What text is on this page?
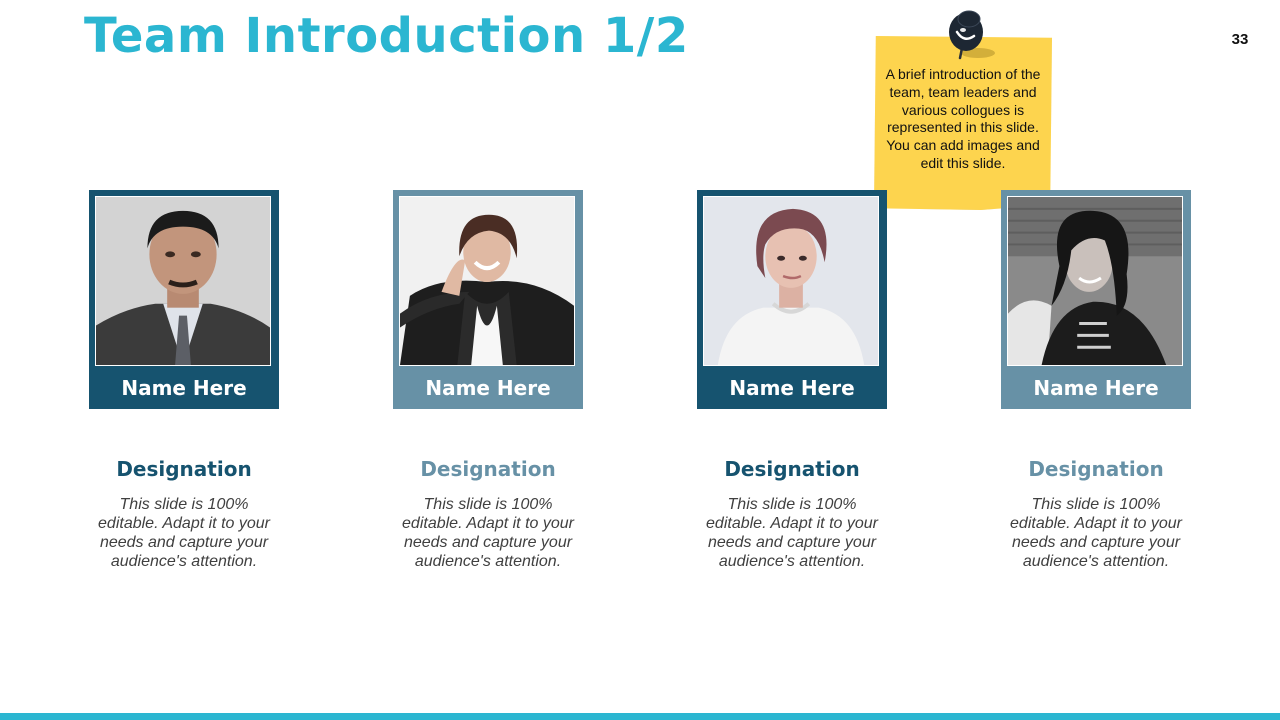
Team Introduction 1/2	33
A brief introduction of the team, team leaders and various collogues is represented in this slide. You can add images and edit this slide.
Name Here
Designation
This slide is 100% editable. Adapt it to your needs and capture your audience's attention.
Name Here
Designation
This slide is 100% editable. Adapt it to your needs and capture your audience's attention.
Name Here
Designation
This slide is 100% editable. Adapt it to your needs and capture your audience's attention.
Name Here
Designation
This slide is 100% editable. Adapt it to your needs and capture your audience's attention.
